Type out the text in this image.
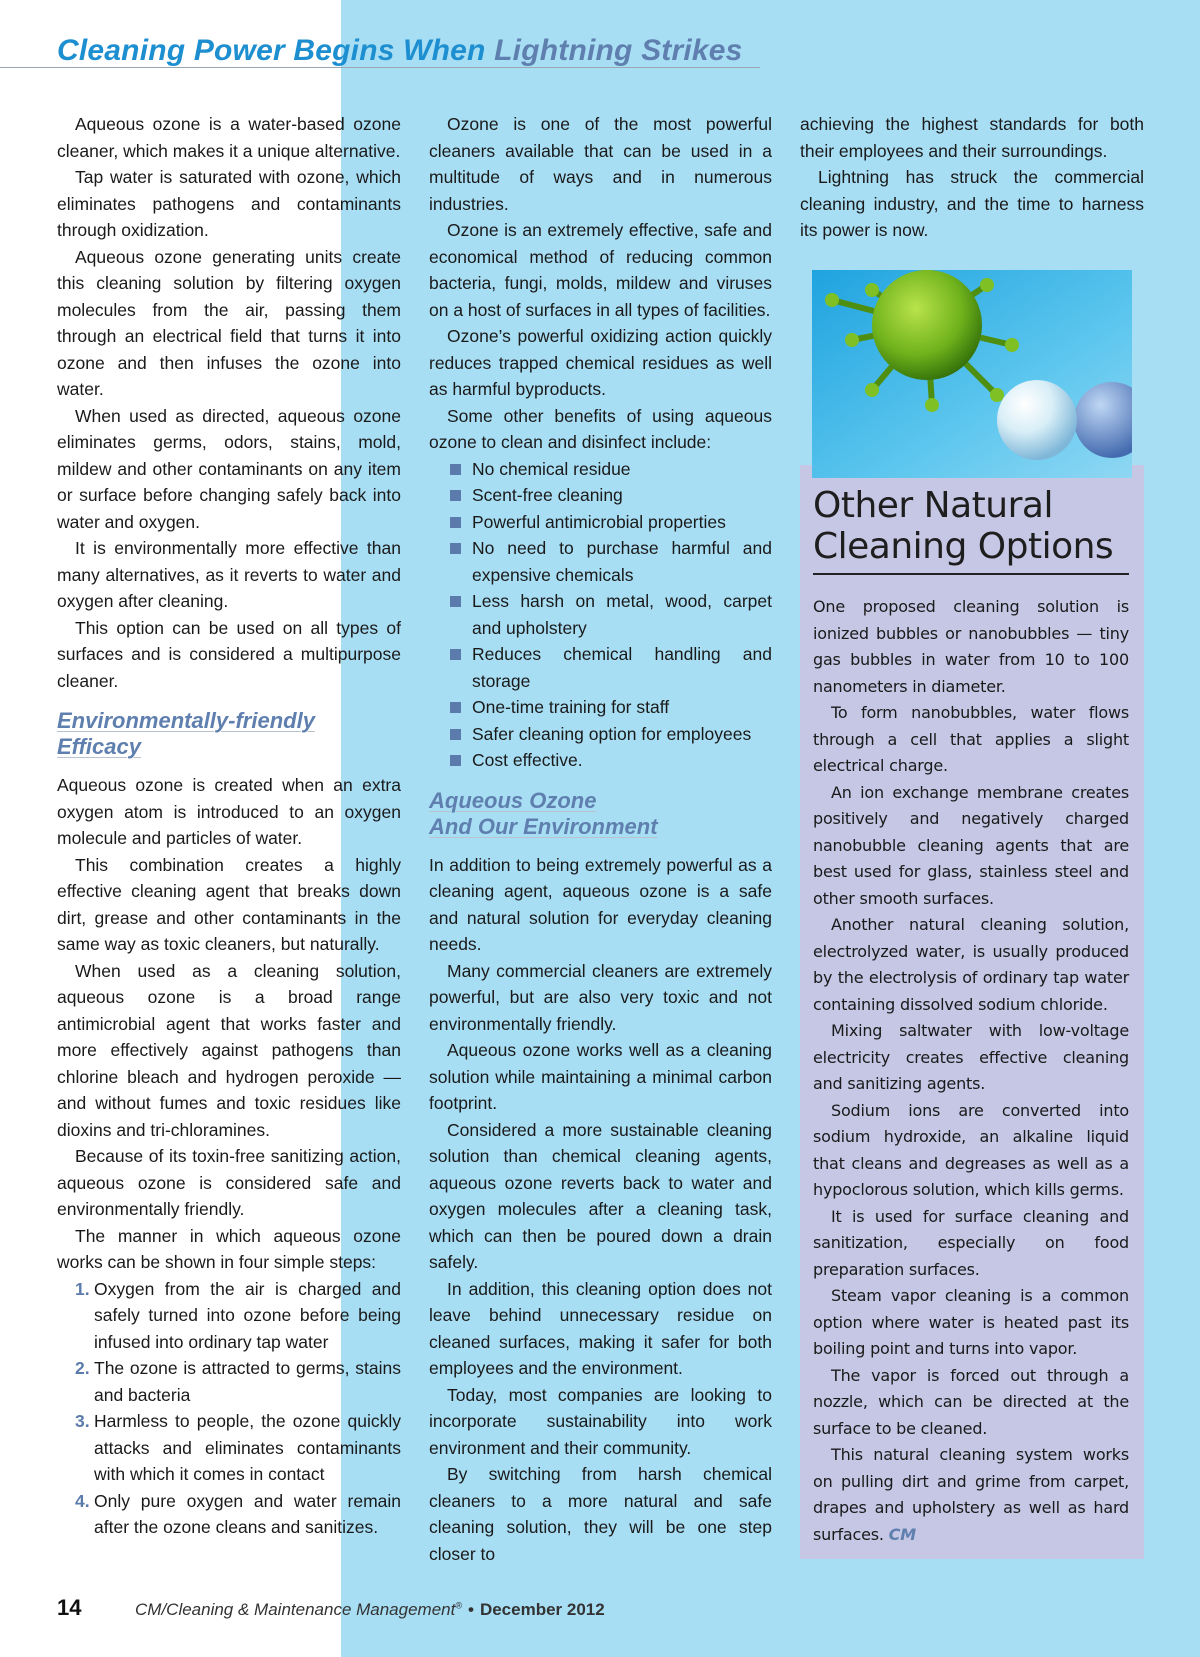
Cleaning Power Begins When Lightning Strikes

Aqueous ozone is a water-based ozone cleaner, which makes it a unique alternative.

Tap water is saturated with ozone, which eliminates pathogens and contaminants through oxidization.

Aqueous ozone generating units create this cleaning solution by filtering oxygen molecules from the air, passing them through an electrical field that turns it into ozone and then infuses the ozone into water.

When used as directed, aqueous ozone eliminates germs, odors, stains, mold, mildew and other contaminants on any item or surface before changing safely back into water and oxygen.

It is environmentally more effective than many alternatives, as it reverts to water and oxygen after cleaning.

This option can be used on all types of surfaces and is considered a multipurpose cleaner.

Environmentally-friendly
Efficacy

Aqueous ozone is created when an extra oxygen atom is introduced to an oxygen molecule and particles of water.

This combination creates a highly effective cleaning agent that breaks down dirt, grease and other contaminants in the same way as toxic cleaners, but naturally.

When used as a cleaning solution, aqueous ozone is a broad range antimicrobial agent that works faster and more effectively against pathogens than chlorine bleach and hydrogen peroxide — and without fumes and toxic residues like dioxins and tri-chloramines.

Because of its toxin-free sanitizing action, aqueous ozone is considered safe and environmentally friendly.

The manner in which aqueous ozone works can be shown in four simple steps:

1. Oxygen from the air is charged and safely turned into ozone before being infused into ordinary tap water
2. The ozone is attracted to germs, stains and bacteria
3. Harmless to people, the ozone quickly attacks and eliminates contaminants with which it comes in contact
4. Only pure oxygen and water remain after the ozone cleans and sanitizes.

Ozone is one of the most powerful cleaners available that can be used in a multitude of ways and in numerous industries.

Ozone is an extremely effective, safe and economical method of reducing common bacteria, fungi, molds, mildew and viruses on a host of surfaces in all types of facilities.

Ozone’s powerful oxidizing action quickly reduces trapped chemical residues as well as harmful byproducts.

Some other benefits of using aqueous ozone to clean and disinfect include:

No chemical residue
Scent-free cleaning
Powerful antimicrobial properties
No need to purchase harmful and expensive chemicals
Less harsh on metal, wood, carpet and upholstery
Reduces chemical handling and storage
One-time training for staff
Safer cleaning option for employees
Cost effective.
Aqueous Ozone
And Our Environment

In addition to being extremely powerful as a cleaning agent, aqueous ozone is a safe and natural solution for everyday cleaning needs.

Many commercial cleaners are extremely powerful, but are also very toxic and not environmentally friendly.

Aqueous ozone works well as a cleaning solution while maintaining a minimal carbon footprint.

Considered a more sustainable cleaning solution than chemical cleaning agents, aqueous ozone reverts back to water and oxygen molecules after a cleaning task, which can then be poured down a drain safely.

In addition, this cleaning option does not leave behind unnecessary residue on cleaned surfaces, making it safer for both employees and the environment.

Today, most companies are looking to incorporate sustainability into work environment and their community.

By switching from harsh chemical cleaners to a more natural and safe cleaning solution, they will be one step closer to

achieving the highest standards for both their employees and their surroundings.

Lightning has struck the commercial cleaning industry, and the time to harness its power is now.

Other Natural
Cleaning Options

One proposed cleaning solution is ionized bubbles or nanobubbles — tiny gas bubbles in water from 10 to 100 nanometers in diameter.

To form nanobubbles, water flows through a cell that applies a slight electrical charge.

An ion exchange membrane creates positively and negatively charged nanobubble cleaning agents that are best used for glass, stainless steel and other smooth surfaces.

Another natural cleaning solution, electrolyzed water, is usually produced by the electrolysis of ordinary tap water containing dissolved sodium chloride.

Mixing saltwater with low-voltage electricity creates effective cleaning and sanitizing agents.

Sodium ions are converted into sodium hydroxide, an alkaline liquid that cleans and degreases as well as a hypoclorous solution, which kills germs.

It is used for surface cleaning and sanitization, especially on food preparation surfaces.

Steam vapor cleaning is a common option where water is heated past its boiling point and turns into vapor.

The vapor is forced out through a nozzle, which can be directed at the surface to be cleaned.

This natural cleaning system works on pulling dirt and grime from carpet, drapes and upholstery as well as hard surfaces. CM

14	CM/Cleaning & Maintenance Management® • December 2012
